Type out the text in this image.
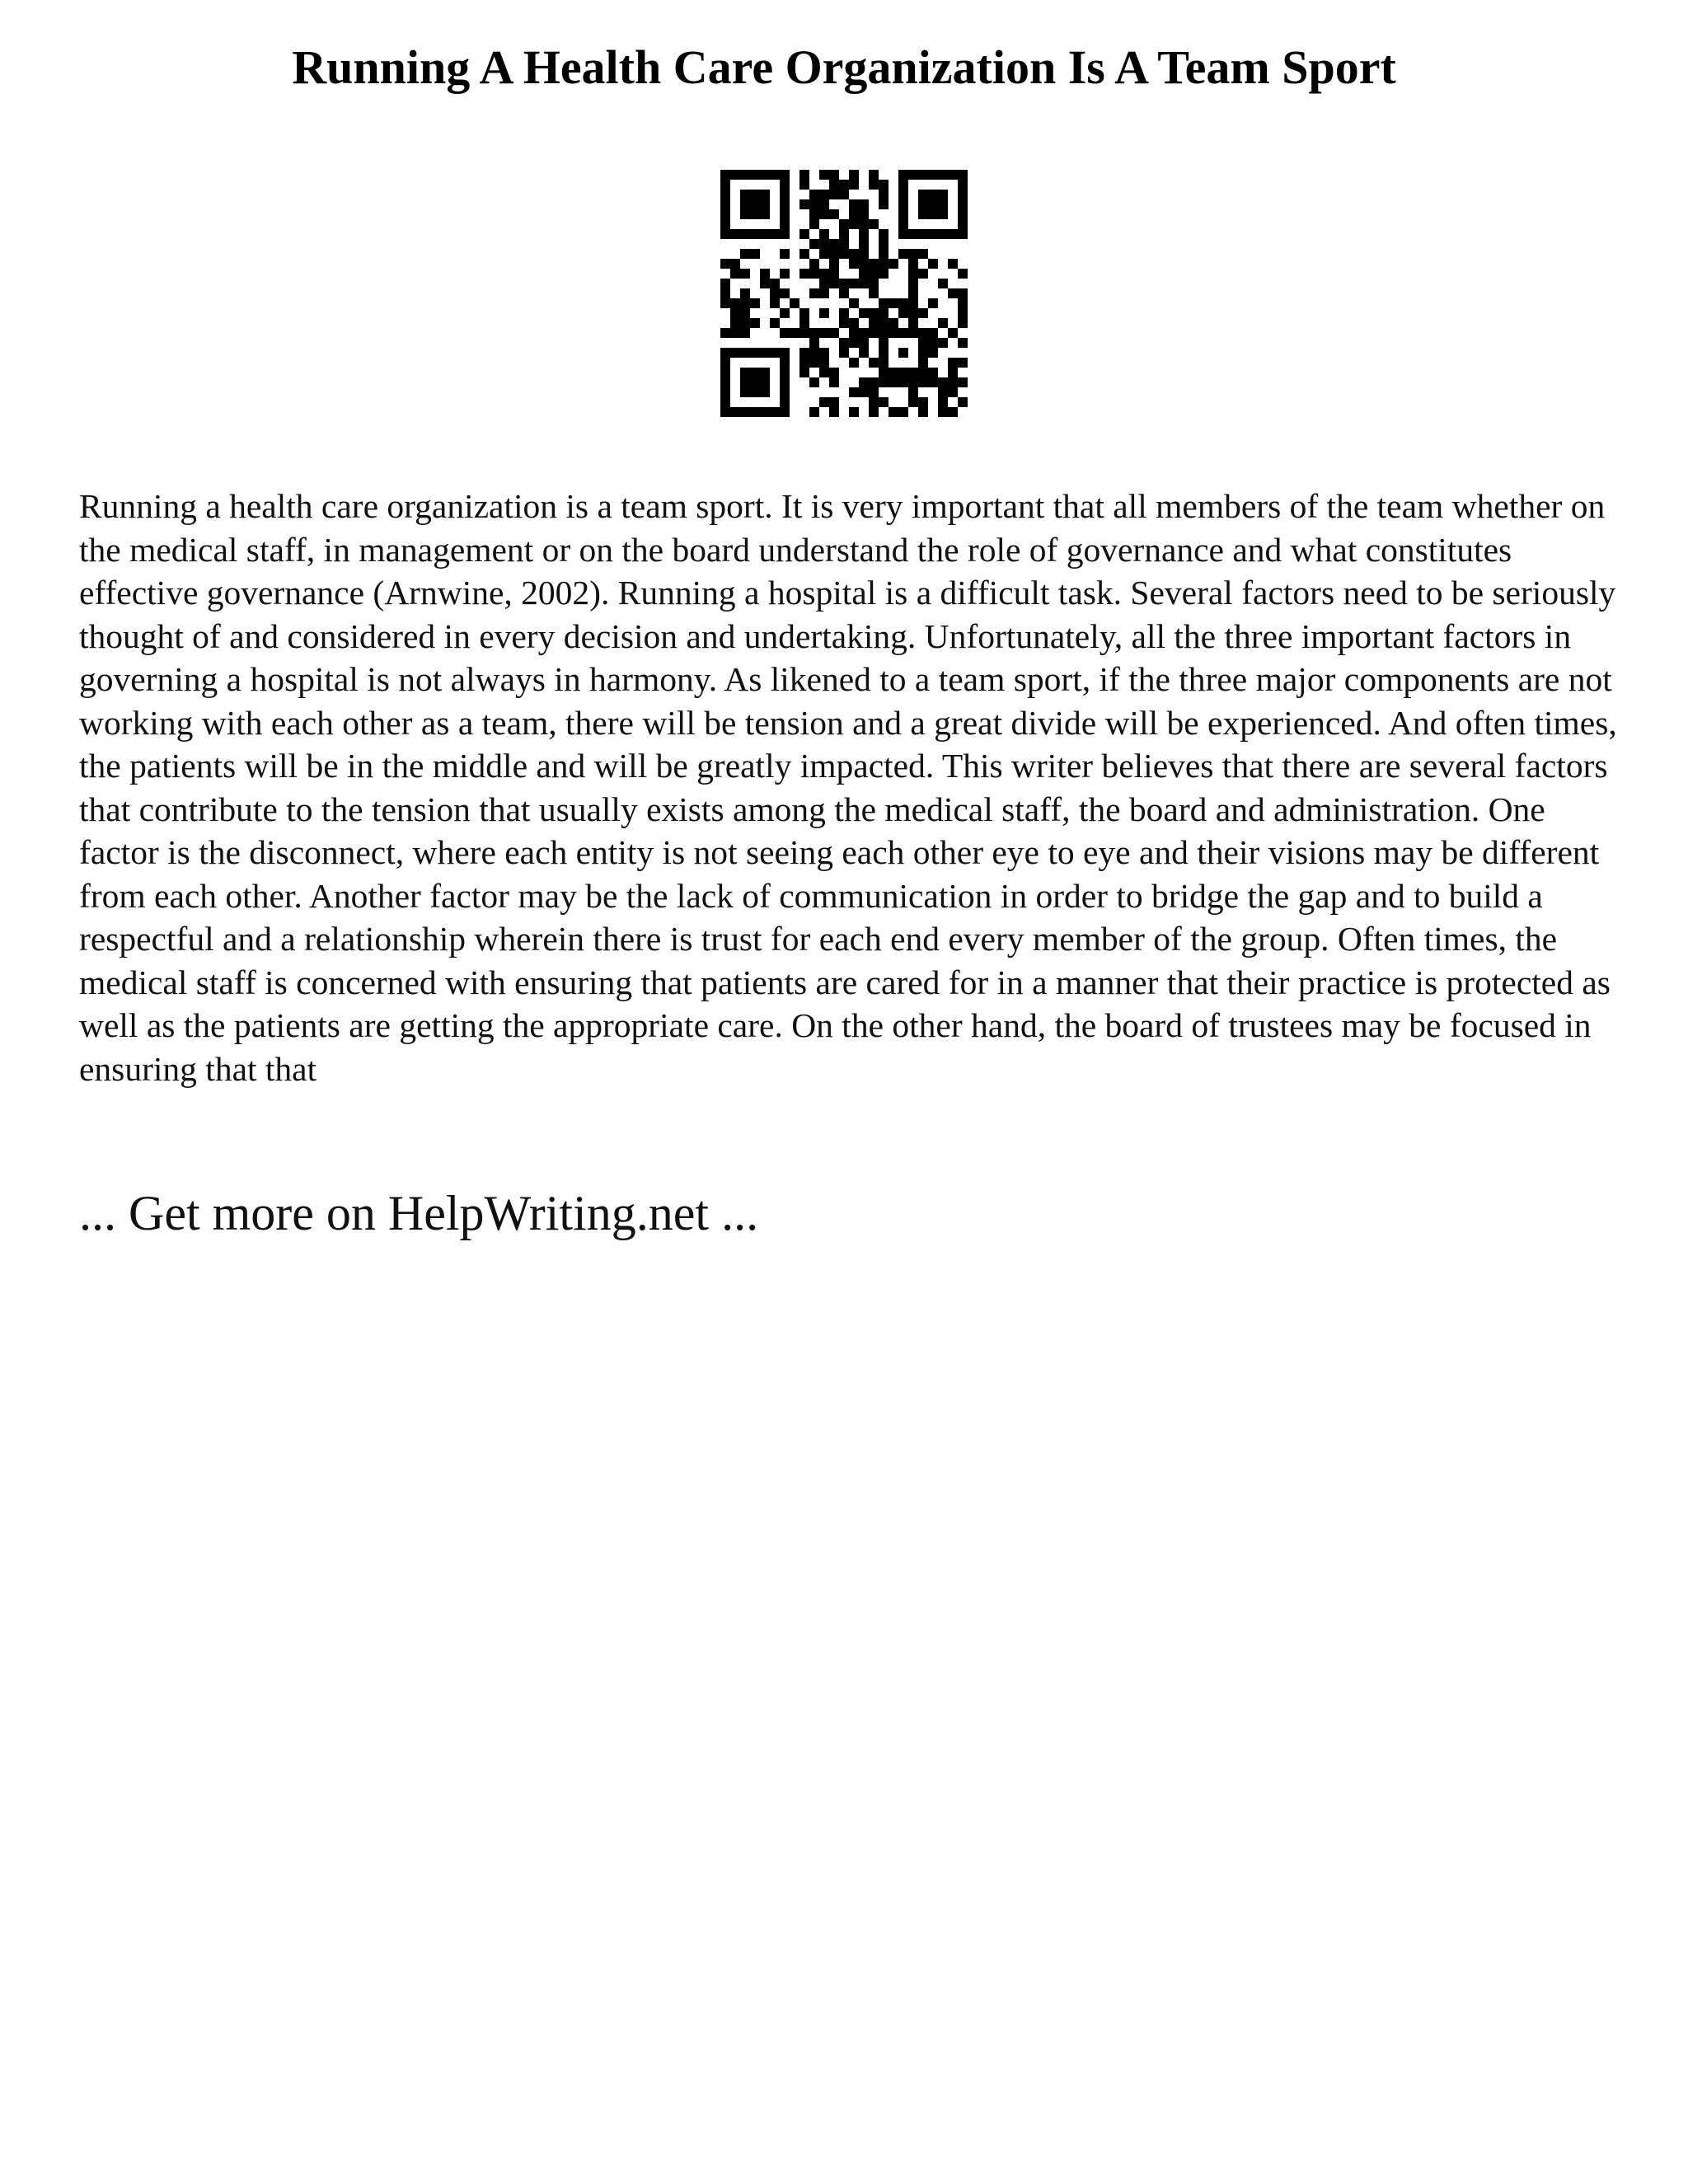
Running A Health Care Organization Is A Team Sport

Running a health care organization is a team sport. It is very important that all members of the team whether on the medical staff, in management or on the board understand the role of governance and what constitutes effective governance (Arnwine, 2002). Running a hospital is a difficult task. Several factors need to be seriously thought of and considered in every decision and undertaking. Unfortunately, all the three important factors in governing a hospital is not always in harmony. As likened to a team sport, if the three major components are not working with each other as a team, there will be tension and a great divide will be experienced. And often times, the patients will be in the middle and will be greatly impacted. This writer believes that there are several factors that contribute to the tension that usually exists among the medical staff, the board and administration. One factor is the disconnect, where each entity is not seeing each other eye to eye and their visions may be different from each other. Another factor may be the lack of communication in order to bridge the gap and to build a respectful and a relationship wherein there is trust for each end every member of the group. Often times, the medical staff is concerned with ensuring that patients are cared for in a manner that their practice is protected as well as the patients are getting the appropriate care. On the other hand, the board of trustees may be focused in ensuring that that

... Get more on HelpWriting.net ...
